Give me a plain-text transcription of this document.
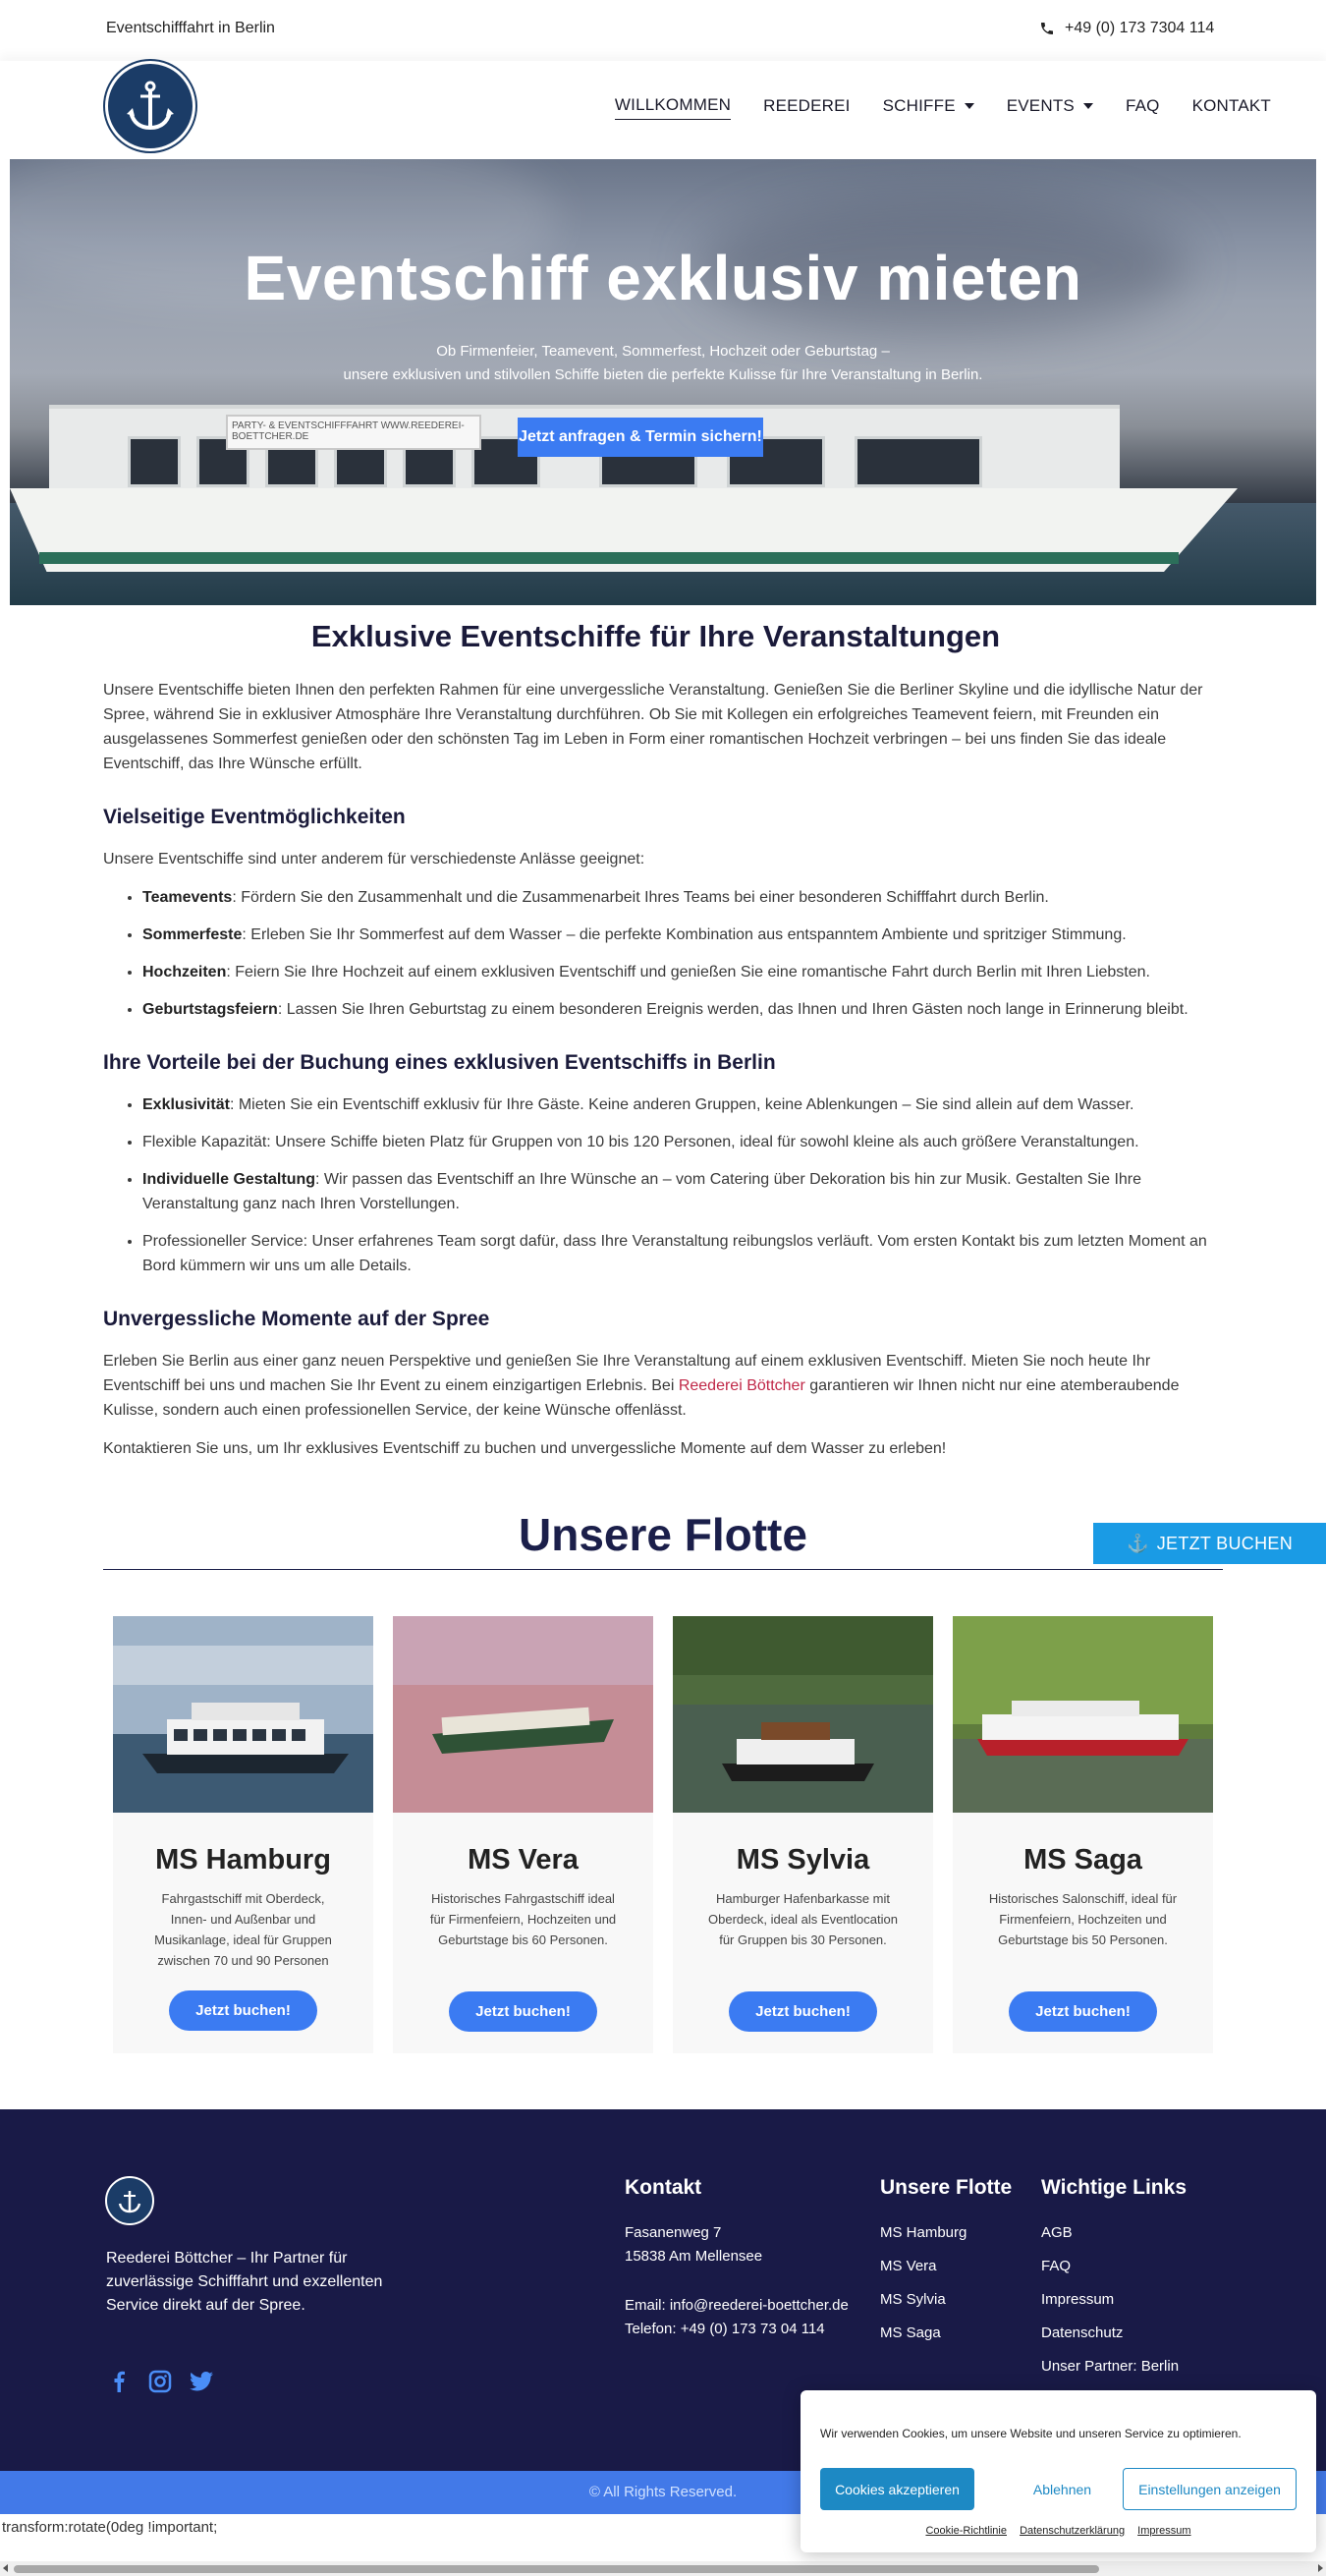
Eventschifffahrt in Berlin	+49 (0) 173 7304 114
WILLKOMMEN REEDEREI SCHIFFE	EVENTS	FAQ KONTAKT
PARTY- & EVENTSCHIFFFAHRT WWW.REEDEREI-BOETTCHER.DE
Eventschiff exklusiv mieten
Ob Firmenfeier, Teamevent, Sommerfest, Hochzeit oder Geburtstag –
unsere exklusiven und stilvollen Schiffe bieten die perfekte Kulisse für Ihre Veranstaltung in Berlin.
Jetzt anfragen & Termin sichern!
Exklusive Eventschiffe für Ihre Veranstaltungen

Unsere Eventschiffe bieten Ihnen den perfekten Rahmen für eine unvergessliche Veranstaltung. Genießen Sie die Berliner Skyline und die idyllische Natur der Spree, während Sie in exklusiver Atmosphäre Ihre Veranstaltung durchführen. Ob Sie mit Kollegen ein erfolgreiches Teamevent feiern, mit Freunden ein ausgelassenes Sommerfest genießen oder den schönsten Tag im Leben in Form einer romantischen Hochzeit verbringen – bei uns finden Sie das ideale Eventschiff, das Ihre Wünsche erfüllt.

Vielseitige Eventmöglichkeiten

Unsere Eventschiffe sind unter anderem für verschiedenste Anlässe geeignet:

• Teamevents: Fördern Sie den Zusammenhalt und die Zusammenarbeit Ihres Teams bei einer besonderen Schifffahrt durch Berlin.
• Sommerfeste: Erleben Sie Ihr Sommerfest auf dem Wasser – die perfekte Kombination aus entspanntem Ambiente und spritziger Stimmung.
• Hochzeiten: Feiern Sie Ihre Hochzeit auf einem exklusiven Eventschiff und genießen Sie eine romantische Fahrt durch Berlin mit Ihren Liebsten.
• Geburtstagsfeiern: Lassen Sie Ihren Geburtstag zu einem besonderen Ereignis werden, das Ihnen und Ihren Gästen noch lange in Erinnerung bleibt.
Ihre Vorteile bei der Buchung eines exklusiven Eventschiffs in Berlin
• Exklusivität: Mieten Sie ein Eventschiff exklusiv für Ihre Gäste. Keine anderen Gruppen, keine Ablenkungen – Sie sind allein auf dem Wasser.
• Flexible Kapazität: Unsere Schiffe bieten Platz für Gruppen von 10 bis 120 Personen, ideal für sowohl kleine als auch größere Veranstaltungen.
• Individuelle Gestaltung: Wir passen das Eventschiff an Ihre Wünsche an – vom Catering über Dekoration bis hin zur Musik. Gestalten Sie Ihre Veranstaltung ganz nach Ihren Vorstellungen.
• Professioneller Service: Unser erfahrenes Team sorgt dafür, dass Ihre Veranstaltung reibungslos verläuft. Vom ersten Kontakt bis zum letzten Moment an Bord kümmern wir uns um alle Details.
Unvergessliche Momente auf der Spree

Erleben Sie Berlin aus einer ganz neuen Perspektive und genießen Sie Ihre Veranstaltung auf einem exklusiven Eventschiff. Mieten Sie noch heute Ihr Eventschiff bei uns und machen Sie Ihr Event zu einem einzigartigen Erlebnis. Bei Reederei Böttcher garantieren wir Ihnen nicht nur eine atemberaubende Kulisse, sondern auch einen professionellen Service, der keine Wünsche offenlässt.

Kontaktieren Sie uns, um Ihr exklusives Eventschiff zu buchen und unvergessliche Momente auf dem Wasser zu erleben!

Unsere Flotte	⚓ JETZT BUCHEN
MS Hamburg

Fahrgastschiff mit Oberdeck, Innen- und Außenbar und Musikanlage, ideal für Gruppen zwischen 70 und 90 Personen

Jetzt buchen!
MS Vera

Historisches Fahrgastschiff ideal für Firmenfeiern, Hochzeiten und Geburtstage bis 60 Personen.

Jetzt buchen!
MS Sylvia

Hamburger Hafenbarkasse mit Oberdeck, ideal als Eventlocation für Gruppen bis 30 Personen.

Jetzt buchen!
MS Saga

Historisches Salonschiff, ideal für Firmenfeiern, Hochzeiten und Geburtstage bis 50 Personen.

Jetzt buchen!
Reederei Böttcher – Ihr Partner für zuverlässige Schifffahrt und exzellenten Service direkt auf der Spree.
Kontakt
Fasanenweg 7
15838 Am Mellensee
Email: info@reederei-boettcher.de
Telefon: +49 (0) 173 73 04 114
Unsere Flotte
MS Hamburg
MS Vera
MS Sylvia
MS Saga
Wichtige Links
AGB
FAQ
Impressum
Datenschutz
Unser Partner: Berlin
© All Rights Reserved.
transform:rotate(0deg !important;
Wir verwenden Cookies, um unsere Website und unseren Service zu optimieren.
Cookies akzeptieren	Ablehnen	Einstellungen anzeigen
Cookie-Richtlinie Datenschutzerklärung Impressum
